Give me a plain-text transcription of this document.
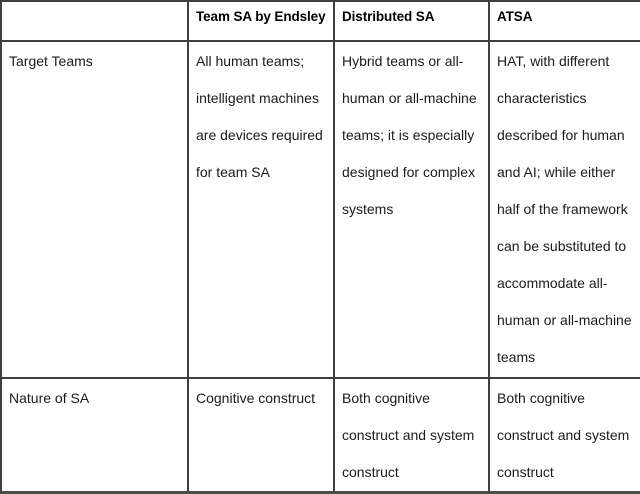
	Team SA by Endsley	Distributed SA	ATSA
Target Teams	All human teams; intelligent machines are devices required for team SA	Hybrid teams or all-human or all-machine teams; it is especially designed for complex systems	HAT, with different characteristics described for human and AI; while either half of the framework can be substituted to accommodate all-human or all-machine teams
Nature of SA	Cognitive construct	Both cognitive construct and system construct	Both cognitive construct and system construct
